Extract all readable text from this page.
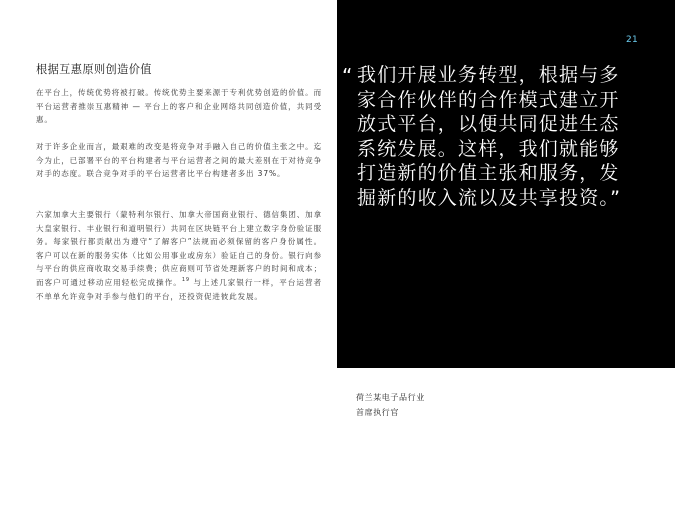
根据互惠原则创造价值

在平台上，传统优势将被打破。传统优势主要来源于专利优势创造的价值。而平台运营者推崇互惠精神 — 平台上的客户和企业网络共同创造价值，共同受惠。

对于许多企业而言，最艰难的改变是将竞争对手融入自己的价值主张之中。迄今为止，已部署平台的平台构建者与平台运营者之间的最大差别在于对待竞争对手的态度。联合竞争对手的平台运营者比平台构建者多出 37%。

六家加拿大主要银行（蒙特利尔银行、加拿大帝国商业银行、德信集团、加拿大皇家银行、丰业银行和道明银行）共同在区块链平台上建立数字身份验证服务。每家银行都贡献出为遵守“了解客户”法规而必须保留的客户身份属性。客户可以在新的服务实体（比如公用事业或房东）验证自己的身份。银行向参与平台的供应商收取交易手续费；供应商则可节省处理新客户的时间和成本；而客户可通过移动应用轻松完成操作。$^{19}$ 与上述几家银行一样，平台运营者不单单允许竞争对手参与他们的平台，还投资促进彼此发展。

21
“ 我们开展业务转型，根据与多家合作伙伴的合作模式建立开放式平台，以便共同促进生态系统发展。这样，我们就能够打造新的价值主张和服务，发掘新的收入流以及共享投资。”
荷兰某电子品行业
首席执行官
